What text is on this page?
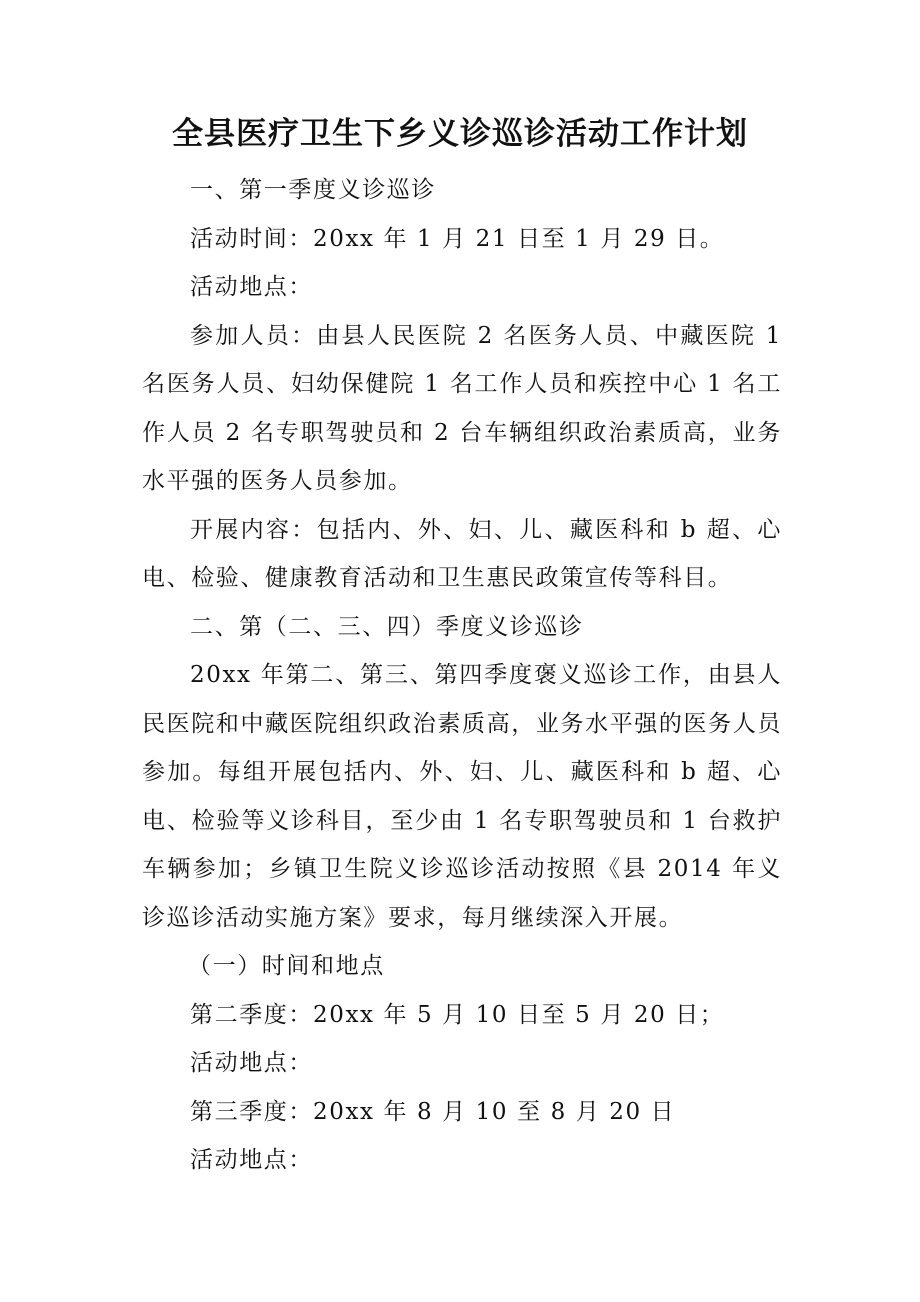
全县医疗卫生下乡义诊巡诊活动工作计划

一、第一季度义诊巡诊

活动时间：20xx 年 1 月 21 日至 1 月 29 日。

活动地点：

参加人员：由县人民医院 2 名医务人员、中藏医院 1 名医务人员、妇幼保健院 1 名工作人员和疾控中心 1 名工作人员 2 名专职驾驶员和 2 台车辆组织政治素质高，业务水平强的医务人员参加。

开展内容：包括内、外、妇、儿、藏医科和 b 超、心电、检验、健康教育活动和卫生惠民政策宣传等科目。

二、第（二、三、四）季度义诊巡诊

20xx 年第二、第三、第四季度褒义巡诊工作，由县人民医院和中藏医院组织政治素质高，业务水平强的医务人员参加。每组开展包括内、外、妇、儿、藏医科和 b 超、心电、检验等义诊科目，至少由 1 名专职驾驶员和 1 台救护车辆参加；乡镇卫生院义诊巡诊活动按照《县 2014 年义诊巡诊活动实施方案》要求，每月继续深入开展。

（一）时间和地点

第二季度：20xx 年 5 月 10 日至 5 月 20 日；

活动地点：

第三季度：20xx 年 8 月 10 至 8 月 20 日

活动地点：
